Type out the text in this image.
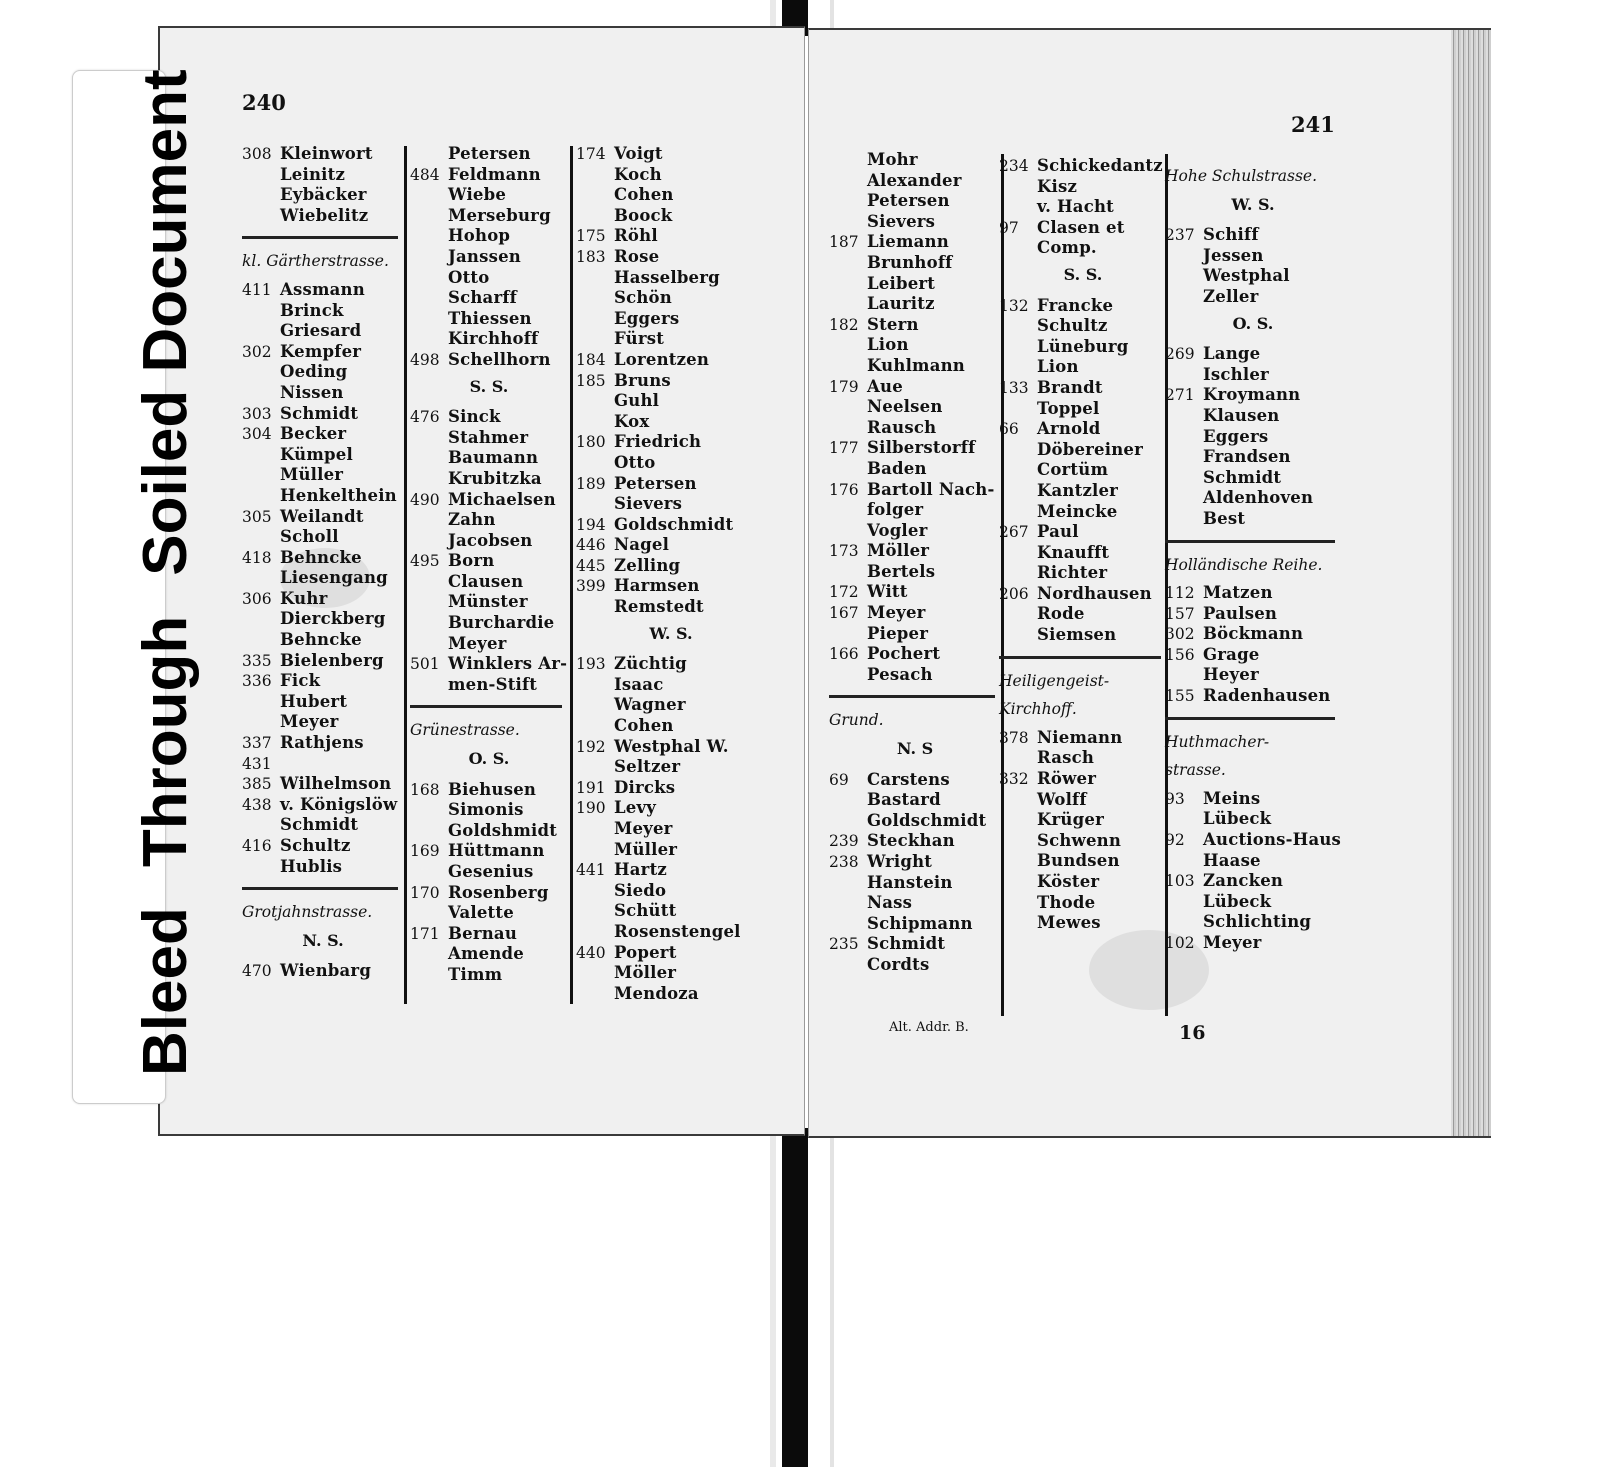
240
308 Kleinwort
Leinitz
Eybäcker
Wiebelitz
kl. Gärtherstrasse.
411 Assmann
Brinck
Griesard
302 Kempfer
Oeding
Nissen
303 Schmidt
304 Becker
Kümpel
Müller
Henkelthein
305 Weilandt
Scholl
418 Behncke
Liesengang
306 Kuhr
Dierckberg
Behncke
335 Bielenberg
336 Fick
Hubert
Meyer
337 Rathjens
431
385 Wilhelmson
438 v. Königslöw
Schmidt
416 Schultz
Hublis
Grotjahnstrasse.
N. S.
470 Wienbarg
Petersen
484 Feldmann
Wiebe
Merseburg
Hohop
Janssen
Otto
Scharff
Thiessen
Kirchhoff
498 Schellhorn
S. S.
476 Sinck
Stahmer
Baumann
Krubitzka
490 Michaelsen
Zahn
Jacobsen
495 Born
Clausen
Münster
Burchardie
Meyer
501 Winklers Ar-
men-Stift
Grünestrasse.
O. S.
168 Biehusen
Simonis
Goldshmidt
169 Hüttmann
Gesenius
170 Rosenberg
Valette
171 Bernau
Amende
Timm
174 Voigt
Koch
Cohen
Boock
175 Röhl
183 Rose
Hasselberg
Schön
Eggers
Fürst
184 Lorentzen
185 Bruns
Guhl
Kox
180 Friedrich
Otto
189 Petersen
Sievers
194 Goldschmidt
446 Nagel
445 Zelling
399 Harmsen
Remstedt
W. S.
193 Züchtig
Isaac
Wagner
Cohen
192 Westphal W.
Seltzer
191 Dircks
190 Levy
Meyer
Müller
441 Hartz
Siedo
Schütt
Rosenstengel
440 Popert
Möller
Mendoza
241
Mohr
Alexander
Petersen
Sievers
187 Liemann
Brunhoff
Leibert
Lauritz
182 Stern
Lion
Kuhlmann
179 Aue
Neelsen
Rausch
177 Silberstorff
Baden
176 Bartoll Nach-
folger
Vogler
173 Möller
Bertels
172 Witt
167 Meyer
Pieper
166 Pochert
Pesach
Grund.
N. S
69	Carstens
Bastard
Goldschmidt
239 Steckhan
238 Wright
Hanstein
Nass
Schipmann
235 Schmidt
Cordts
234 Schickedantz
Kisz
v. Hacht
97	Clasen et
Comp.
S. S.
132 Francke
Schultz
Lüneburg
Lion
133 Brandt
Toppel
66	Arnold
Döbereiner
Cortüm
Kantzler
Meincke
267 Paul
Knaufft
Richter
206 Nordhausen
Rode
Siemsen
Heiligengeist-
Kirchhoff.
378 Niemann
Rasch
332 Röwer
Wolff
Krüger
Schwenn
Bundsen
Köster
Thode
Mewes
Hohe Schulstrasse.
W. S.
237 Schiff
Jessen
Westphal
Zeller
O. S.
269 Lange
Ischler
271 Kroymann
Klausen
Eggers
Frandsen
Schmidt
Aldenhoven
Best
Holländische Reihe.
112 Matzen
157 Paulsen
302 Böckmann
156 Grage
Heyer
155 Radenhausen
Huthmacher-
strasse.
93	Meins
Lübeck
92	Auctions-Haus
Haase
103 Zancken
Lübeck
Schlichting
102 Meyer
Alt. Addr. B.	16
Bleed
Through
Soiled Document
